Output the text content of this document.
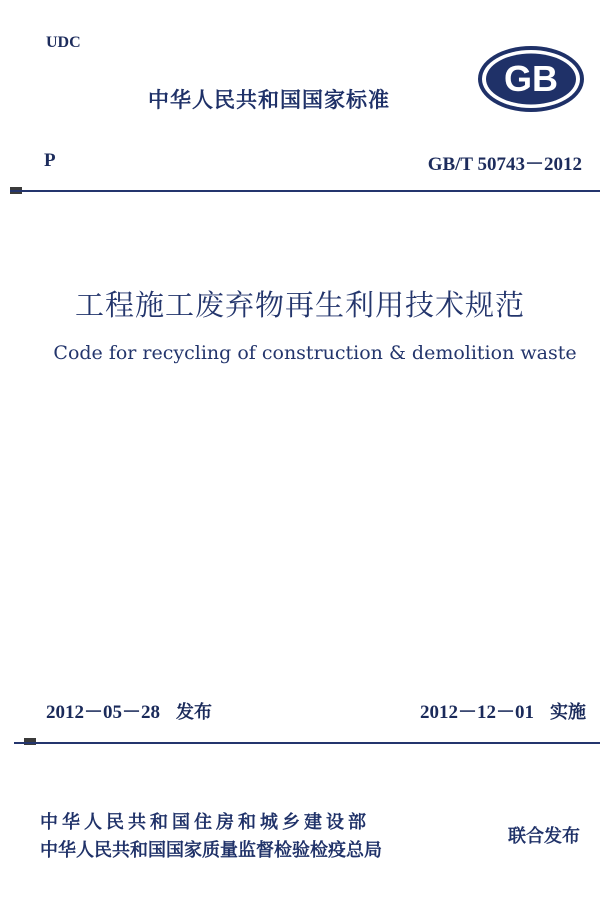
UDC
GB
中华人民共和国国家标准
P	GB/T 50743－2012
工程施工废弃物再生利用技术规范
Code for recycling of construction & demolition waste
2012－05－28 发布	2012－12－01 实施
中华人民共和国住房和城乡建设部
中华人民共和国国家质量监督检验检疫总局
联合发布
